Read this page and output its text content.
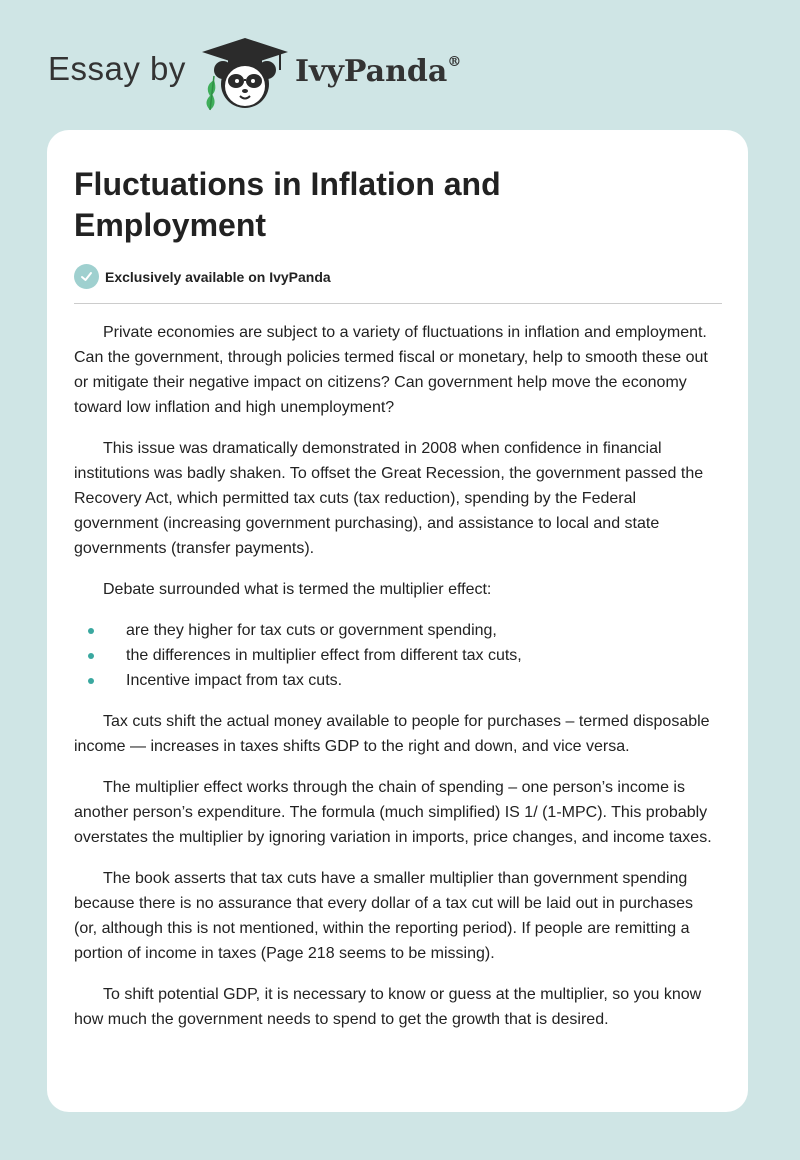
Essay by	IvyPanda®
Fluctuations in Inflation and Employment
Exclusively available on IvyPanda

Private economies are subject to a variety of fluctuations in inflation and employment. Can the government, through policies termed fiscal or monetary, help to smooth these out or mitigate their negative impact on citizens? Can government help move the economy toward low inflation and high unemployment?

This issue was dramatically demonstrated in 2008 when confidence in financial institutions was badly shaken. To offset the Great Recession, the government passed the Recovery Act, which permitted tax cuts (tax reduction), spending by the Federal government (increasing government purchasing), and assistance to local and state governments (transfer payments).

Debate surrounded what is termed the multiplier effect:

are they higher for tax cuts or government spending,
the differences in multiplier effect from different tax cuts,
Incentive impact from tax cuts.

Tax cuts shift the actual money available to people for purchases – termed disposable income — increases in taxes shifts GDP to the right and down, and vice versa.

The multiplier effect works through the chain of spending – one person’s income is another person’s expenditure. The formula (much simplified) IS 1/ (1-MPC). This probably overstates the multiplier by ignoring variation in imports, price changes, and income taxes.

The book asserts that tax cuts have a smaller multiplier than government spending because there is no assurance that every dollar of a tax cut will be laid out in purchases (or, although this is not mentioned, within the reporting period). If people are remitting a portion of income in taxes (Page 218 seems to be missing).

To shift potential GDP, it is necessary to know or guess at the multiplier, so you know how much the government needs to spend to get the growth that is desired.
